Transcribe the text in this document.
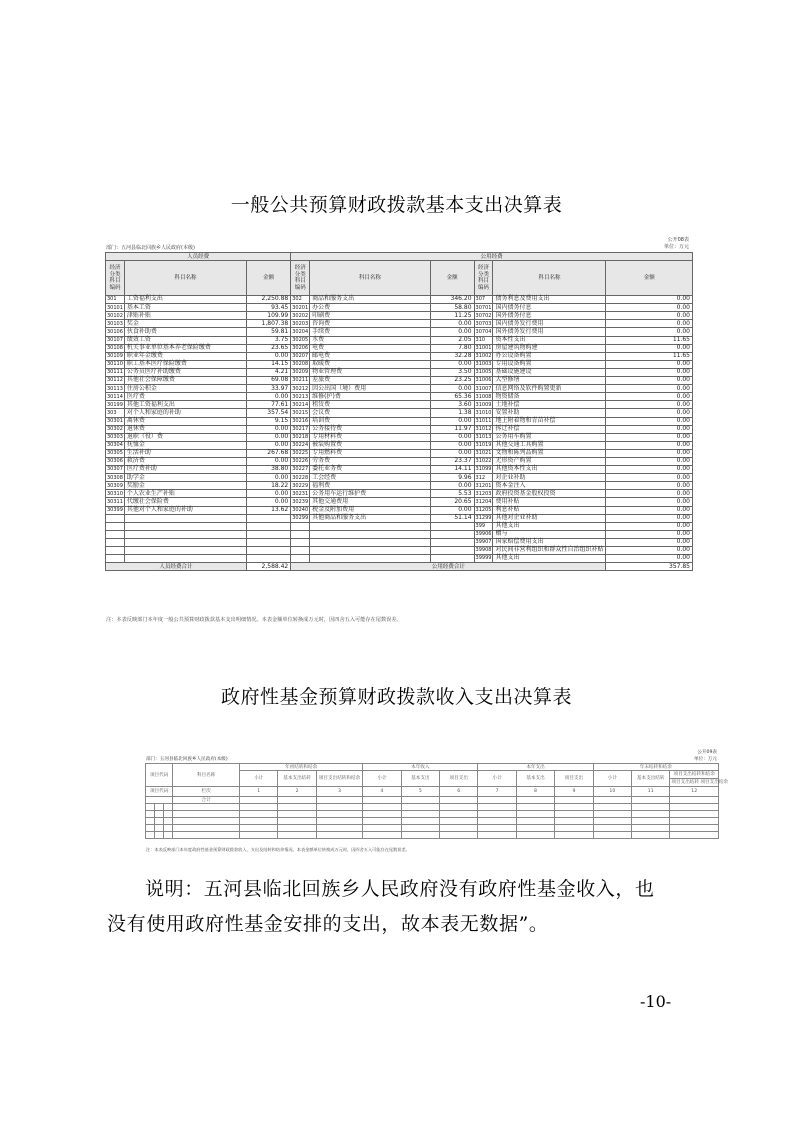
一般公共预算财政拨款基本支出决算表
公开08表
单位：万元
部门：五河县临北回族乡人民政府(本级)
人员经费			公用经费					
经济分类科目编码	科目名称	金额	经济分类科目编码	科目名称	金额	经济分类科目编码	科目名称	金额
301	工资福利支出	2,250.88	302	商品和服务支出	346.20	307	债务利息及费用支出	0.00
30101	基本工资	93.45	30201	办公费	58.80	30701	国内债务付息	0.00
30102	津贴补贴	109.99	30202	印刷费	11.25	30702	国外债务付息	0.00
30103	奖金	1,807.38	30203	咨询费	0.00	30703	国内债务发行费用	0.00
30106	伙食补助费	59.81	30204	手续费	0.00	30704	国外债务发行费用	0.00
30107	绩效工资	3.75	30205	水费	2.05	310	资本性支出	11.65
30108	机关事业单位基本养老保险缴费	23.65	30206	电费	7.80	31001	房屋建筑物购建	0.00
30109	职业年金缴费	0.00	30207	邮电费	32.28	31002	办公设备购置	11.65
30110	职工基本医疗保险缴费	14.15	30208	取暖费	0.00	31003	专用设备购置	0.00
30111	公务员医疗补助缴费	4.21	30209	物业管理费	3.50	31005	基础设施建设	0.00
30112	其他社会保障缴费	69.08	30211	差旅费	23.25	31006	大型修缮	0.00
30113	住房公积金	33.97	30212	因公出国（境）费用	0.00	31007	信息网络及软件购置更新	0.00
30114	医疗费	0.00	30213	维修(护)费	65.36	31008	物资储备	0.00
30199	其他工资福利支出	77.61	30214	租赁费	3.60	31009	土地补偿	0.00
303	对个人和家庭的补助	357.54	30215	会议费	1.38	31010	安置补助	0.00
30301	离休费	9.15	30216	培训费	0.00	31011	地上附着物和青苗补偿	0.00
30302	退休费	0.00	30217	公务接待费	11.97	31012	拆迁补偿	0.00
30303	退职（役）费	0.00	30218	专用材料费	0.00	31013	公务用车购置	0.00
30304	抚恤金	0.00	30224	被装购置费	0.00	31019	其他交通工具购置	0.00
30305	生活补助	267.68	30225	专用燃料费	0.00	31021	文物和陈列品购置	0.00
30306	救济费	0.00	30226	劳务费	23.37	31022	无形资产购置	0.00
30307	医疗费补助	38.80	30227	委托业务费	14.11	31099	其他资本性支出	0.00
30308	助学金	0.00	30228	工会经费	9.96	312	对企业补助	0.00
30309	奖励金	18.22	30229	福利费	0.00	31201	资本金注入	0.00
30310	个人农业生产补贴	0.00	30231	公务用车运行维护费	5.53	31203	政府投资基金股权投资	0.00
30311	代缴社会保险费	0.00	30239	其他交通费用	20.65	31204	费用补贴	0.00
30399	其他对个人和家庭的补助	13.62	30240	税金及附加费用	0.00	31205	利息补贴	0.00
			30299	其他商品和服务支出	51.14	31299	其他对企业补助	0.00
						399	其他支出	0.00
						39906	赠与	0.00
						39907	国家赔偿费用支出	0.00
						39908	对民间非营利组织和群众性自治组织补贴	0.00
						39999	其他支出	0.00
人员经费合计		2,588.42	公用经费合计					357.85
注：本表反映部门本年度一般公共预算财政拨款基本支出明细情况。本表金额单位转换成万元时，因四舍五入可能存在尾数误差。
政府性基金预算财政拨款收入支出决算表
公开09表
单位：万元
部门：五河县临北回族乡人民政府(本级)
项目代码			科目名称	年初结转和结余			本年收入			本年支出			年末结转和结余		
				小计	基本支出结转	项目支出结转和结余	小计	基本支出	项目支出	小计	基本支出	项目支出	小计	基本支出结转	项目支出结转和结余
															项目支出结转 项目支出结余
项目代码			栏次	1	2	3	4	5	6	7	8	9	10	11	12
			合计												

注：本表反映部门本年度政府性基金预算财政拨款收入、支出及结转和结余情况。本表金额单位转换成万元时，因四舍五入可能存在尾数误差。

说明：五河县临北回族乡人民政府没有政府性基金收入，也

没有使用政府性基金安排的支出，故本表无数据”。

-10-
